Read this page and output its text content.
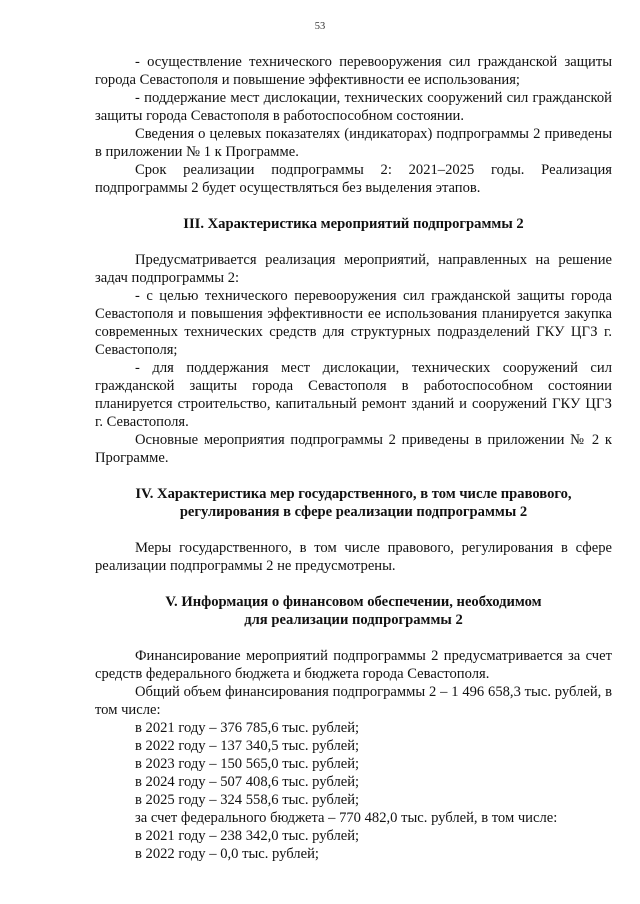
53

- осуществление технического перевооружения сил гражданской защиты города Севастополя и повышение эффективности ее использования;

- поддержание мест дислокации, технических сооружений сил гражданской защиты города Севастополя в работоспособном состоянии.

Сведения о целевых показателях (индикаторах) подпрограммы 2 приведены в приложении № 1 к Программе.

Срок реализации подпрограммы 2: 2021–2025 годы. Реализация подпрограммы 2 будет осуществляться без выделения этапов.

III. Характеристика мероприятий подпрограммы 2

Предусматривается реализация мероприятий, направленных на решение задач подпрограммы 2:

- с целью технического перевооружения сил гражданской защиты города Севастополя и повышения эффективности ее использования планируется закупка современных технических средств для структурных подразделений ГКУ ЦГЗ г. Севастополя;

- для поддержания мест дислокации, технических сооружений сил гражданской защиты города Севастополя в работоспособном состоянии планируется строительство, капитальный ремонт зданий и сооружений ГКУ ЦГЗ г. Севастополя.

Основные мероприятия подпрограммы 2 приведены в приложении № 2 к Программе.

IV. Характеристика мер государственного, в том числе правового,
регулирования в сфере реализации подпрограммы 2

Меры государственного, в том числе правового, регулирования в сфере реализации подпрограммы 2 не предусмотрены.

V. Информация о финансовом обеспечении, необходимом
для реализации подпрограммы 2

Финансирование мероприятий подпрограммы 2 предусматривается за счет средств федерального бюджета и бюджета города Севастополя.

Общий объем финансирования подпрограммы 2 – 1 496 658,3 тыс. рублей, в том числе:

в 2021 году – 376 785,6 тыс. рублей;

в 2022 году – 137 340,5 тыс. рублей;

в 2023 году – 150 565,0 тыс. рублей;

в 2024 году – 507 408,6 тыс. рублей;

в 2025 году – 324 558,6 тыс. рублей;

за счет федерального бюджета – 770 482,0 тыс. рублей, в том числе:

в 2021 году – 238 342,0 тыс. рублей;

в 2022 году – 0,0 тыс. рублей;
